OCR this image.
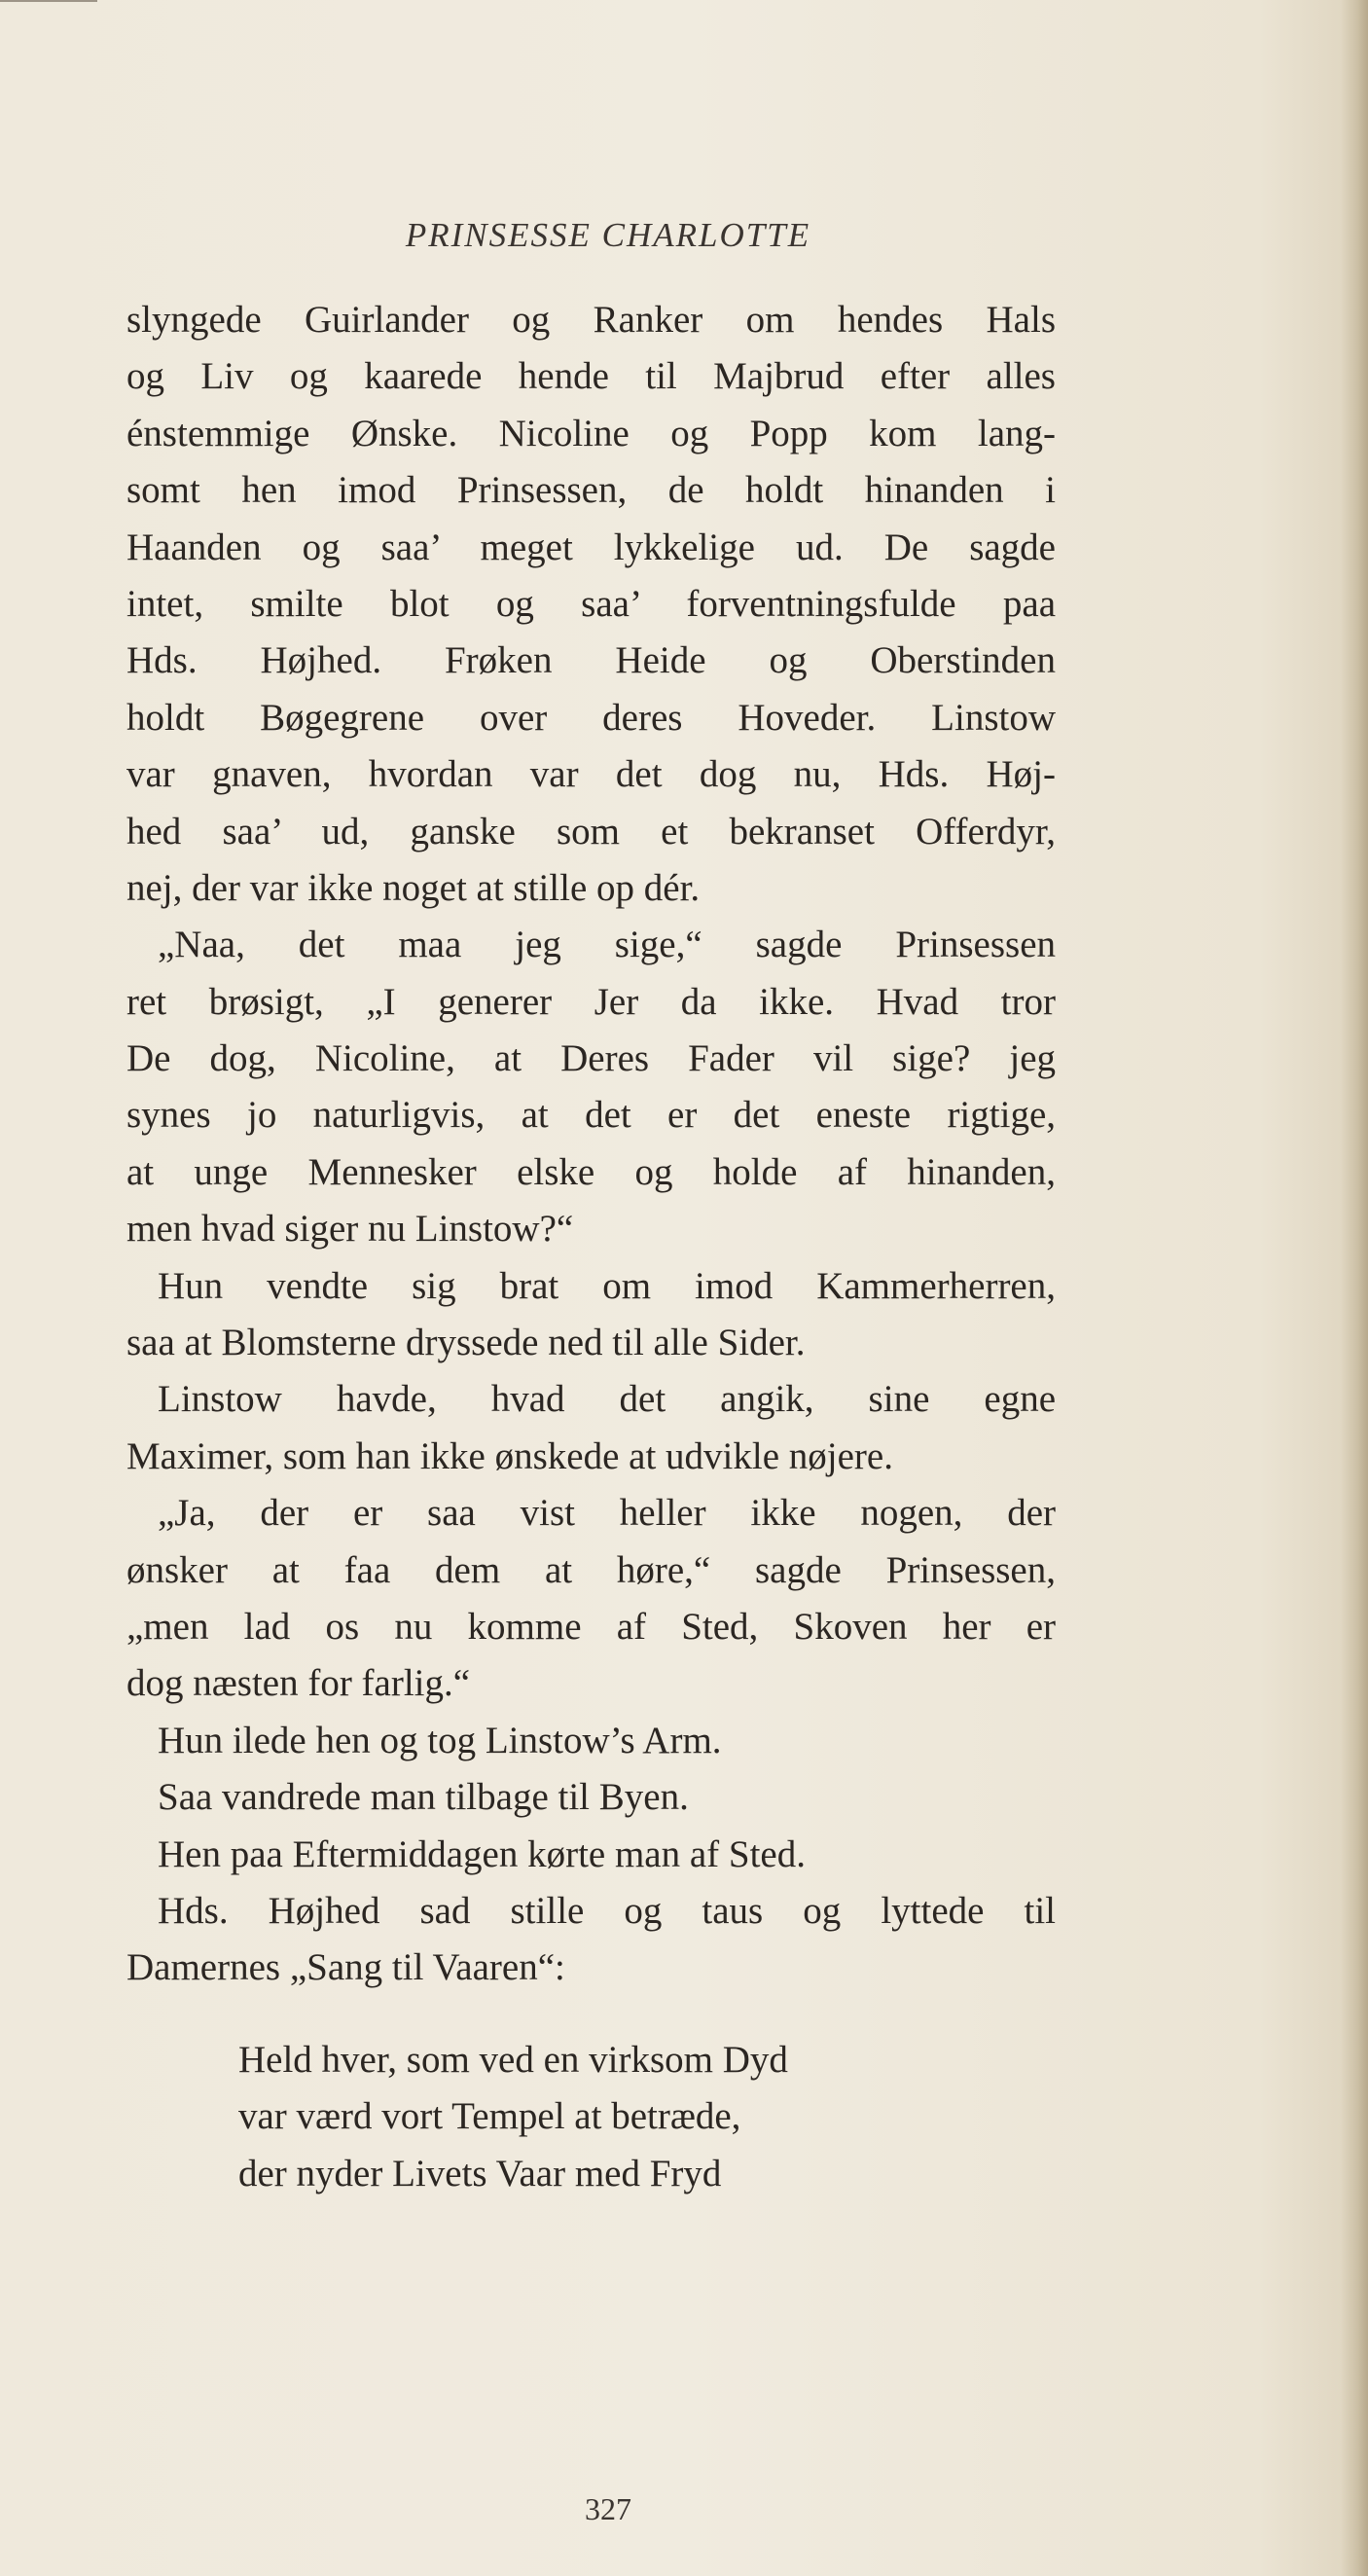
PRINSESSE CHARLOTTE
slyngede Guirlander og Ranker om hendes Hals
og Liv og kaarede hende til Majbrud efter alles
énstemmige Ønske. Nicoline og Popp kom lang-
somt hen imod Prinsessen, de holdt hinanden i
Haanden og saa’ meget lykkelige ud. De sagde
intet, smilte blot og saa’ forventningsfulde paa
Hds. Højhed. Frøken Heide og Oberstinden
holdt Bøgegrene over deres Hoveder. Linstow
var gnaven, hvordan var det dog nu, Hds. Høj-
hed saa’ ud, ganske som et bekranset Offerdyr,
nej, der var ikke noget at stille op dér.
„Naa, det maa jeg sige,“ sagde Prinsessen
ret brøsigt, „I generer Jer da ikke. Hvad tror
De dog, Nicoline, at Deres Fader vil sige? jeg
synes jo naturligvis, at det er det eneste rigtige,
at unge Mennesker elske og holde af hinanden,
men hvad siger nu Linstow?“
Hun vendte sig brat om imod Kammerherren,
saa at Blomsterne dryssede ned til alle Sider.
Linstow havde, hvad det angik, sine egne
Maximer, som han ikke ønskede at udvikle nøjere.
„Ja, der er saa vist heller ikke nogen, der
ønsker at faa dem at høre,“ sagde Prinsessen,
„men lad os nu komme af Sted, Skoven her er
dog næsten for farlig.“
Hun ilede hen og tog Linstow’s Arm.
Saa vandrede man tilbage til Byen.
Hen paa Eftermiddagen kørte man af Sted.
Hds. Højhed sad stille og taus og lyttede til
Damernes „Sang til Vaaren“:
Held hver, som ved en virksom Dyd
var værd vort Tempel at betræde,
der nyder Livets Vaar med Fryd
327
